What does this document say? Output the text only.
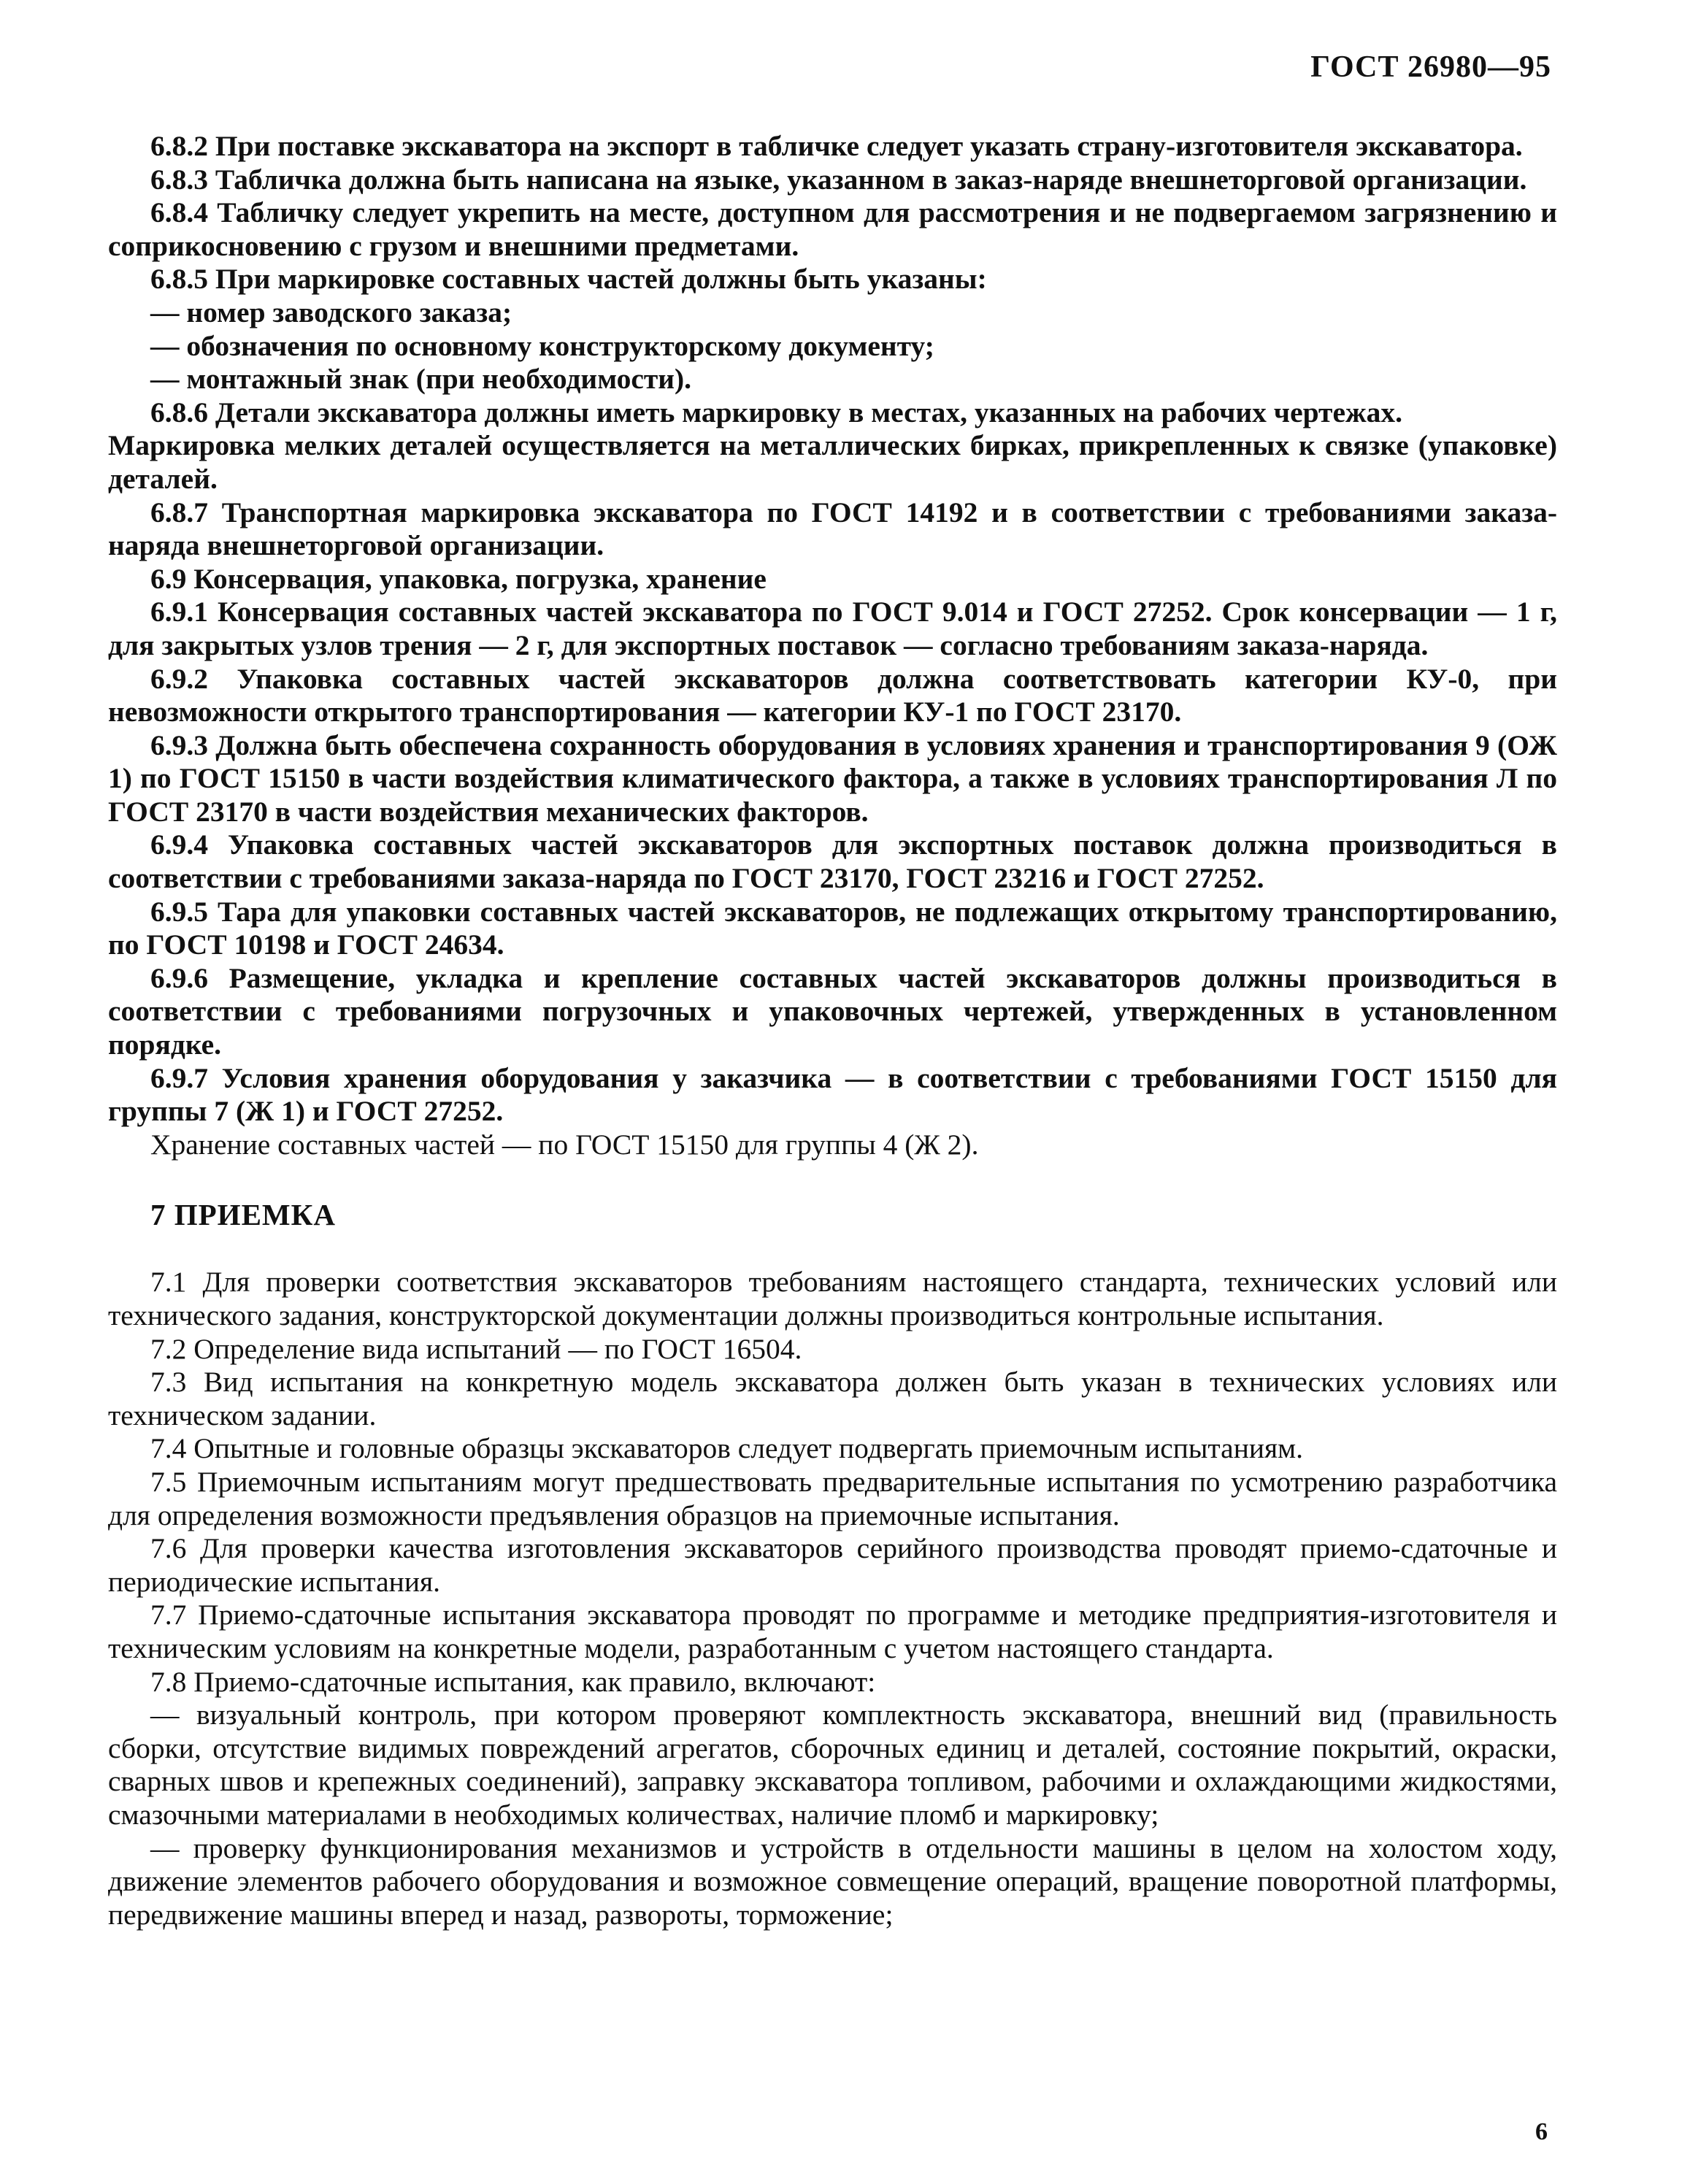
ГОСТ 26980—95

6.8.2 При поставке экскаватора на экспорт в табличке следует указать страну-изготовителя экскаватора.

6.8.3 Табличка должна быть написана на языке, указанном в заказ-наряде внешнеторговой организации.

6.8.4 Табличку следует укрепить на месте, доступном для рассмотрения и не подвергаемом загрязнению и соприкосновению с грузом и внешними предметами.

6.8.5 При маркировке составных частей должны быть указаны:

— номер заводского заказа;

— обозначения по основному конструкторскому документу;

— монтажный знак (при необходимости).

6.8.6 Детали экскаватора должны иметь маркировку в местах, указанных на рабочих чертежах.

Маркировка мелких деталей осуществляется на металлических бирках, прикрепленных к связке (упаковке) деталей.

6.8.7 Транспортная маркировка экскаватора по ГОСТ 14192 и в соответствии с требованиями заказа-наряда внешнеторговой организации.

6.9 Консервация, упаковка, погрузка, хранение

6.9.1 Консервация составных частей экскаватора по ГОСТ 9.014 и ГОСТ 27252. Срок консервации — 1 г, для закрытых узлов трения — 2 г, для экспортных поставок — согласно требованиям заказа-наряда.

6.9.2 Упаковка составных частей экскаваторов должна соответствовать категории КУ-0, при невозможности открытого транспортирования — категории КУ-1 по ГОСТ 23170.

6.9.3 Должна быть обеспечена сохранность оборудования в условиях хранения и транспортирования 9 (ОЖ 1) по ГОСТ 15150 в части воздействия климатического фактора, а также в условиях транспортирования Л по ГОСТ 23170 в части воздействия механических факторов.

6.9.4 Упаковка составных частей экскаваторов для экспортных поставок должна производиться в соответствии с требованиями заказа-наряда по ГОСТ 23170, ГОСТ 23216 и ГОСТ 27252.

6.9.5 Тара для упаковки составных частей экскаваторов, не подлежащих открытому транспортированию, по ГОСТ 10198 и ГОСТ 24634.

6.9.6 Размещение, укладка и крепление составных частей экскаваторов должны производиться в соответствии с требованиями погрузочных и упаковочных чертежей, утвержденных в установленном порядке.

6.9.7 Условия хранения оборудования у заказчика — в соответствии с требованиями ГОСТ 15150 для группы 7 (Ж 1) и ГОСТ 27252.

Хранение составных частей — по ГОСТ 15150 для группы 4 (Ж 2).

7 ПРИЕМКА

7.1 Для проверки соответствия экскаваторов требованиям настоящего стандарта, технических условий или технического задания, конструкторской документации должны производиться контрольные испытания.

7.2 Определение вида испытаний — по ГОСТ 16504.

7.3 Вид испытания на конкретную модель экскаватора должен быть указан в технических условиях или техническом задании.

7.4 Опытные и головные образцы экскаваторов следует подвергать приемочным испытаниям.

7.5 Приемочным испытаниям могут предшествовать предварительные испытания по усмотрению разработчика для определения возможности предъявления образцов на приемочные испытания.

7.6 Для проверки качества изготовления экскаваторов серийного производства проводят приемо-сдаточные и периодические испытания.

7.7 Приемо-сдаточные испытания экскаватора проводят по программе и методике предприятия-изготовителя и техническим условиям на конкретные модели, разработанным с учетом настоящего стандарта.

7.8 Приемо-сдаточные испытания, как правило, включают:

— визуальный контроль, при котором проверяют комплектность экскаватора, внешний вид (правильность сборки, отсутствие видимых повреждений агрегатов, сборочных единиц и деталей, состояние покрытий, окраски, сварных швов и крепежных соединений), заправку экскаватора топливом, рабочими и охлаждающими жидкостями, смазочными материалами в необходимых количествах, наличие пломб и маркировку;

— проверку функционирования механизмов и устройств в отдельности машины в целом на холостом ходу, движение элементов рабочего оборудования и возможное совмещение операций, вращение поворотной платформы, передвижение машины вперед и назад, развороты, торможение;

6
